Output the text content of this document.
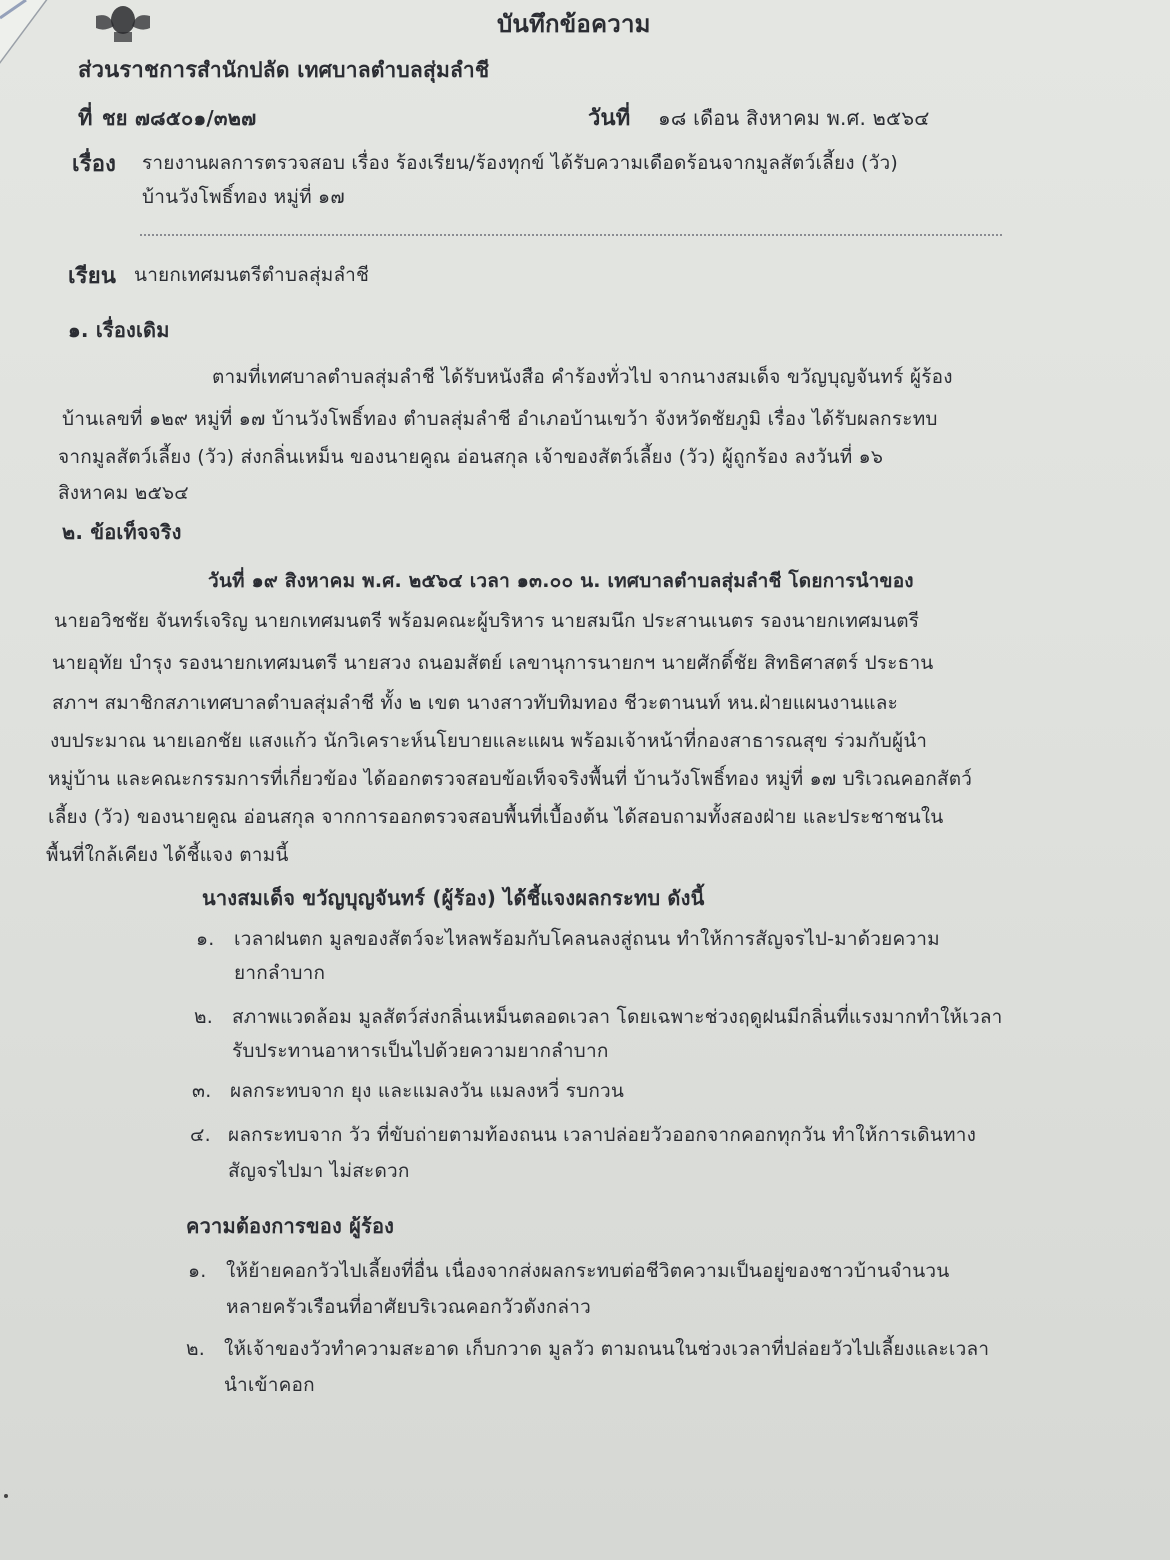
บันทึกข้อความ
ส่วนราชการ สำนักปลัด เทศบาลตำบลสุ่มลำชี
ที่ ชย ๗๘๕๐๑/๓๒๗	วันที่ ๑๘ เดือน สิงหาคม พ.ศ. ๒๕๖๔
เรื่อง รายงานผลการตรวจสอบ เรื่อง ร้องเรียน/ร้องทุกข์ ได้รับความเดือดร้อนจากมูลสัตว์เลี้ยง (วัว)
บ้านวังโพธิ์ทอง หมู่ที่ ๑๗
เรียน นายกเทศมนตรีตำบลสุ่มลำชี
๑. เรื่องเดิม
ตามที่เทศบาลตำบลสุ่มลำชี ได้รับหนังสือ คำร้องทั่วไป จากนางสมเด็จ ขวัญบุญจันทร์ ผู้ร้อง
บ้านเลขที่ ๑๒๙ หมู่ที่ ๑๗ บ้านวังโพธิ์ทอง ตำบลสุ่มลำชี อำเภอบ้านเขว้า จังหวัดชัยภูมิ เรื่อง ได้รับผลกระทบ
จากมูลสัตว์เลี้ยง (วัว) ส่งกลิ่นเหม็น ของนายคูณ อ่อนสกุล เจ้าของสัตว์เลี้ยง (วัว) ผู้ถูกร้อง ลงวันที่ ๑๖
สิงหาคม ๒๕๖๔
๒. ข้อเท็จจริง
วันที่ ๑๙ สิงหาคม พ.ศ. ๒๕๖๔ เวลา ๑๓.๐๐ น. เทศบาลตำบลสุ่มลำชี โดยการนำของ
นายอวิชชัย จันทร์เจริญ นายกเทศมนตรี พร้อมคณะผู้บริหาร นายสมนึก ประสานเนตร รองนายกเทศมนตรี
นายอุทัย บำรุง รองนายกเทศมนตรี นายสวง ถนอมสัตย์ เลขานุการนายกฯ นายศักดิ์ชัย สิทธิศาสตร์ ประธาน
สภาฯ สมาชิกสภาเทศบาลตำบลสุ่มลำชี ทั้ง ๒ เขต นางสาวทับทิมทอง ชีวะตานนท์ หน.ฝ่ายแผนงานและ
งบประมาณ นายเอกชัย แสงแก้ว นักวิเคราะห์นโยบายและแผน พร้อมเจ้าหน้าที่กองสาธารณสุข ร่วมกับผู้นำ
หมู่บ้าน และคณะกรรมการที่เกี่ยวข้อง ได้ออกตรวจสอบข้อเท็จจริงพื้นที่ บ้านวังโพธิ์ทอง หมู่ที่ ๑๗ บริเวณคอกสัตว์
เลี้ยง (วัว) ของนายคูณ อ่อนสกุล จากการออกตรวจสอบพื้นที่เบื้องต้น ได้สอบถามทั้งสองฝ่าย และประชาชนใน
พื้นที่ใกล้เคียง ได้ชี้แจง ตามนี้
นางสมเด็จ ขวัญบุญจันทร์ (ผู้ร้อง) ได้ชี้แจงผลกระทบ ดังนี้
๑. เวลาฝนตก มูลของสัตว์จะไหลพร้อมกับโคลนลงสู่ถนน ทำให้การสัญจรไป-มาด้วยความ
ยากลำบาก
๒. สภาพแวดล้อม มูลสัตว์ส่งกลิ่นเหม็นตลอดเวลา โดยเฉพาะช่วงฤดูฝนมีกลิ่นที่แรงมากทำให้เวลา
รับประทานอาหารเป็นไปด้วยความยากลำบาก
๓. ผลกระทบจาก ยุง และแมลงวัน แมลงหวี่ รบกวน
๔. ผลกระทบจาก วัว ที่ขับถ่ายตามท้องถนน เวลาปล่อยวัวออกจากคอกทุกวัน ทำให้การเดินทาง
สัญจรไปมา ไม่สะดวก
ความต้องการของ ผู้ร้อง
๑. ให้ย้ายคอกวัวไปเลี้ยงที่อื่น เนื่องจากส่งผลกระทบต่อชีวิตความเป็นอยู่ของชาวบ้านจำนวน
หลายครัวเรือนที่อาศัยบริเวณคอกวัวดังกล่าว
๒. ให้เจ้าของวัวทำความสะอาด เก็บกวาด มูลวัว ตามถนนในช่วงเวลาที่ปล่อยวัวไปเลี้ยงและเวลา
นำเข้าคอก
